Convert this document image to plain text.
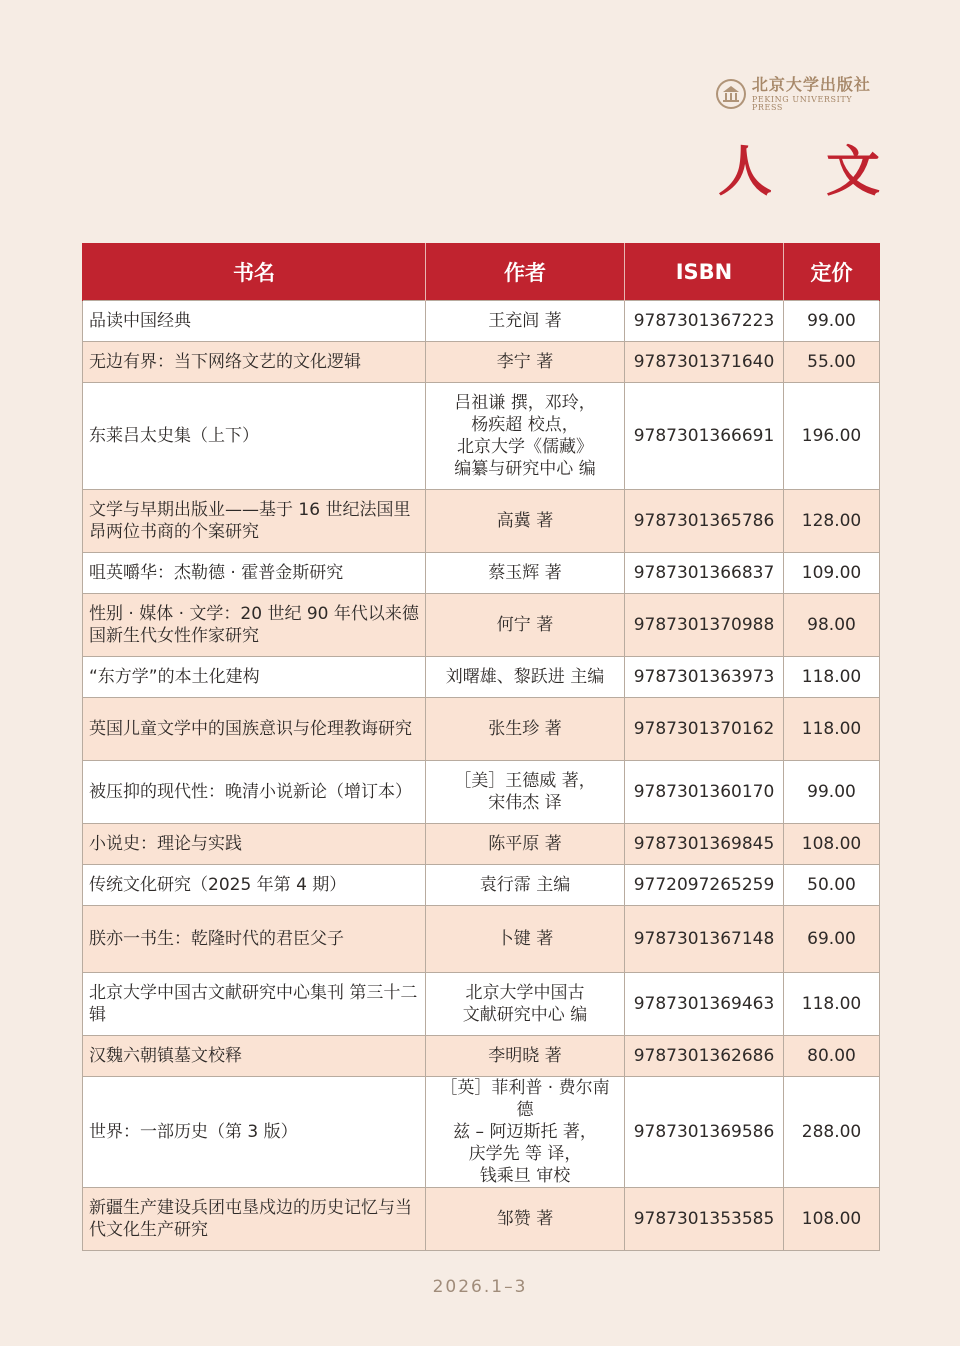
北京大学出版社
PEKING UNIVERSITY PRESS
人 文
书名	作者	ISBN	定价
品读中国经典	王充闾 著	9787301367223	99.00
无边有界：当下网络文艺的文化逻辑	李宁 著	9787301371640	55.00
东莱吕太史集（上下）	吕祖谦 撰，邓玲，
杨疾超 校点，
北京大学《儒藏》
编纂与研究中心 编	9787301366691	196.00
文学与早期出版业——基于 16 世纪法国里昂两位书商的个案研究	高冀 著	9787301365786	128.00
咀英嚼华：杰勒德 · 霍普金斯研究	蔡玉辉 著	9787301366837	109.00
性别 · 媒体 · 文学：20 世纪 90 年代以来德国新生代女性作家研究	何宁 著	9787301370988	98.00
“东方学”的本土化建构	刘曙雄、黎跃进 主编	9787301363973	118.00
英国儿童文学中的国族意识与伦理教诲研究	张生珍 著	9787301370162	118.00
被压抑的现代性：晚清小说新论（增订本）	［美］王德威 著，
宋伟杰 译	9787301360170	99.00
小说史：理论与实践	陈平原 著	9787301369845	108.00
传统文化研究（2025 年第 4 期）	袁行霈 主编	9772097265259	50.00
朕亦一书生：乾隆时代的君臣父子	卜键 著	9787301367148	69.00
北京大学中国古文献研究中心集刊 第三十二辑	北京大学中国古
文献研究中心 编	9787301369463	118.00
汉魏六朝镇墓文校释	李明晓 著	9787301362686	80.00
世界：一部历史（第 3 版）	［英］菲利普 · 费尔南德
兹 – 阿迈斯托 著，
庆学先 等 译，
钱乘旦 审校	9787301369586	288.00
新疆生产建设兵团屯垦戍边的历史记忆与当代文化生产研究	邹赞 著	9787301353585	108.00
2026.1–3
